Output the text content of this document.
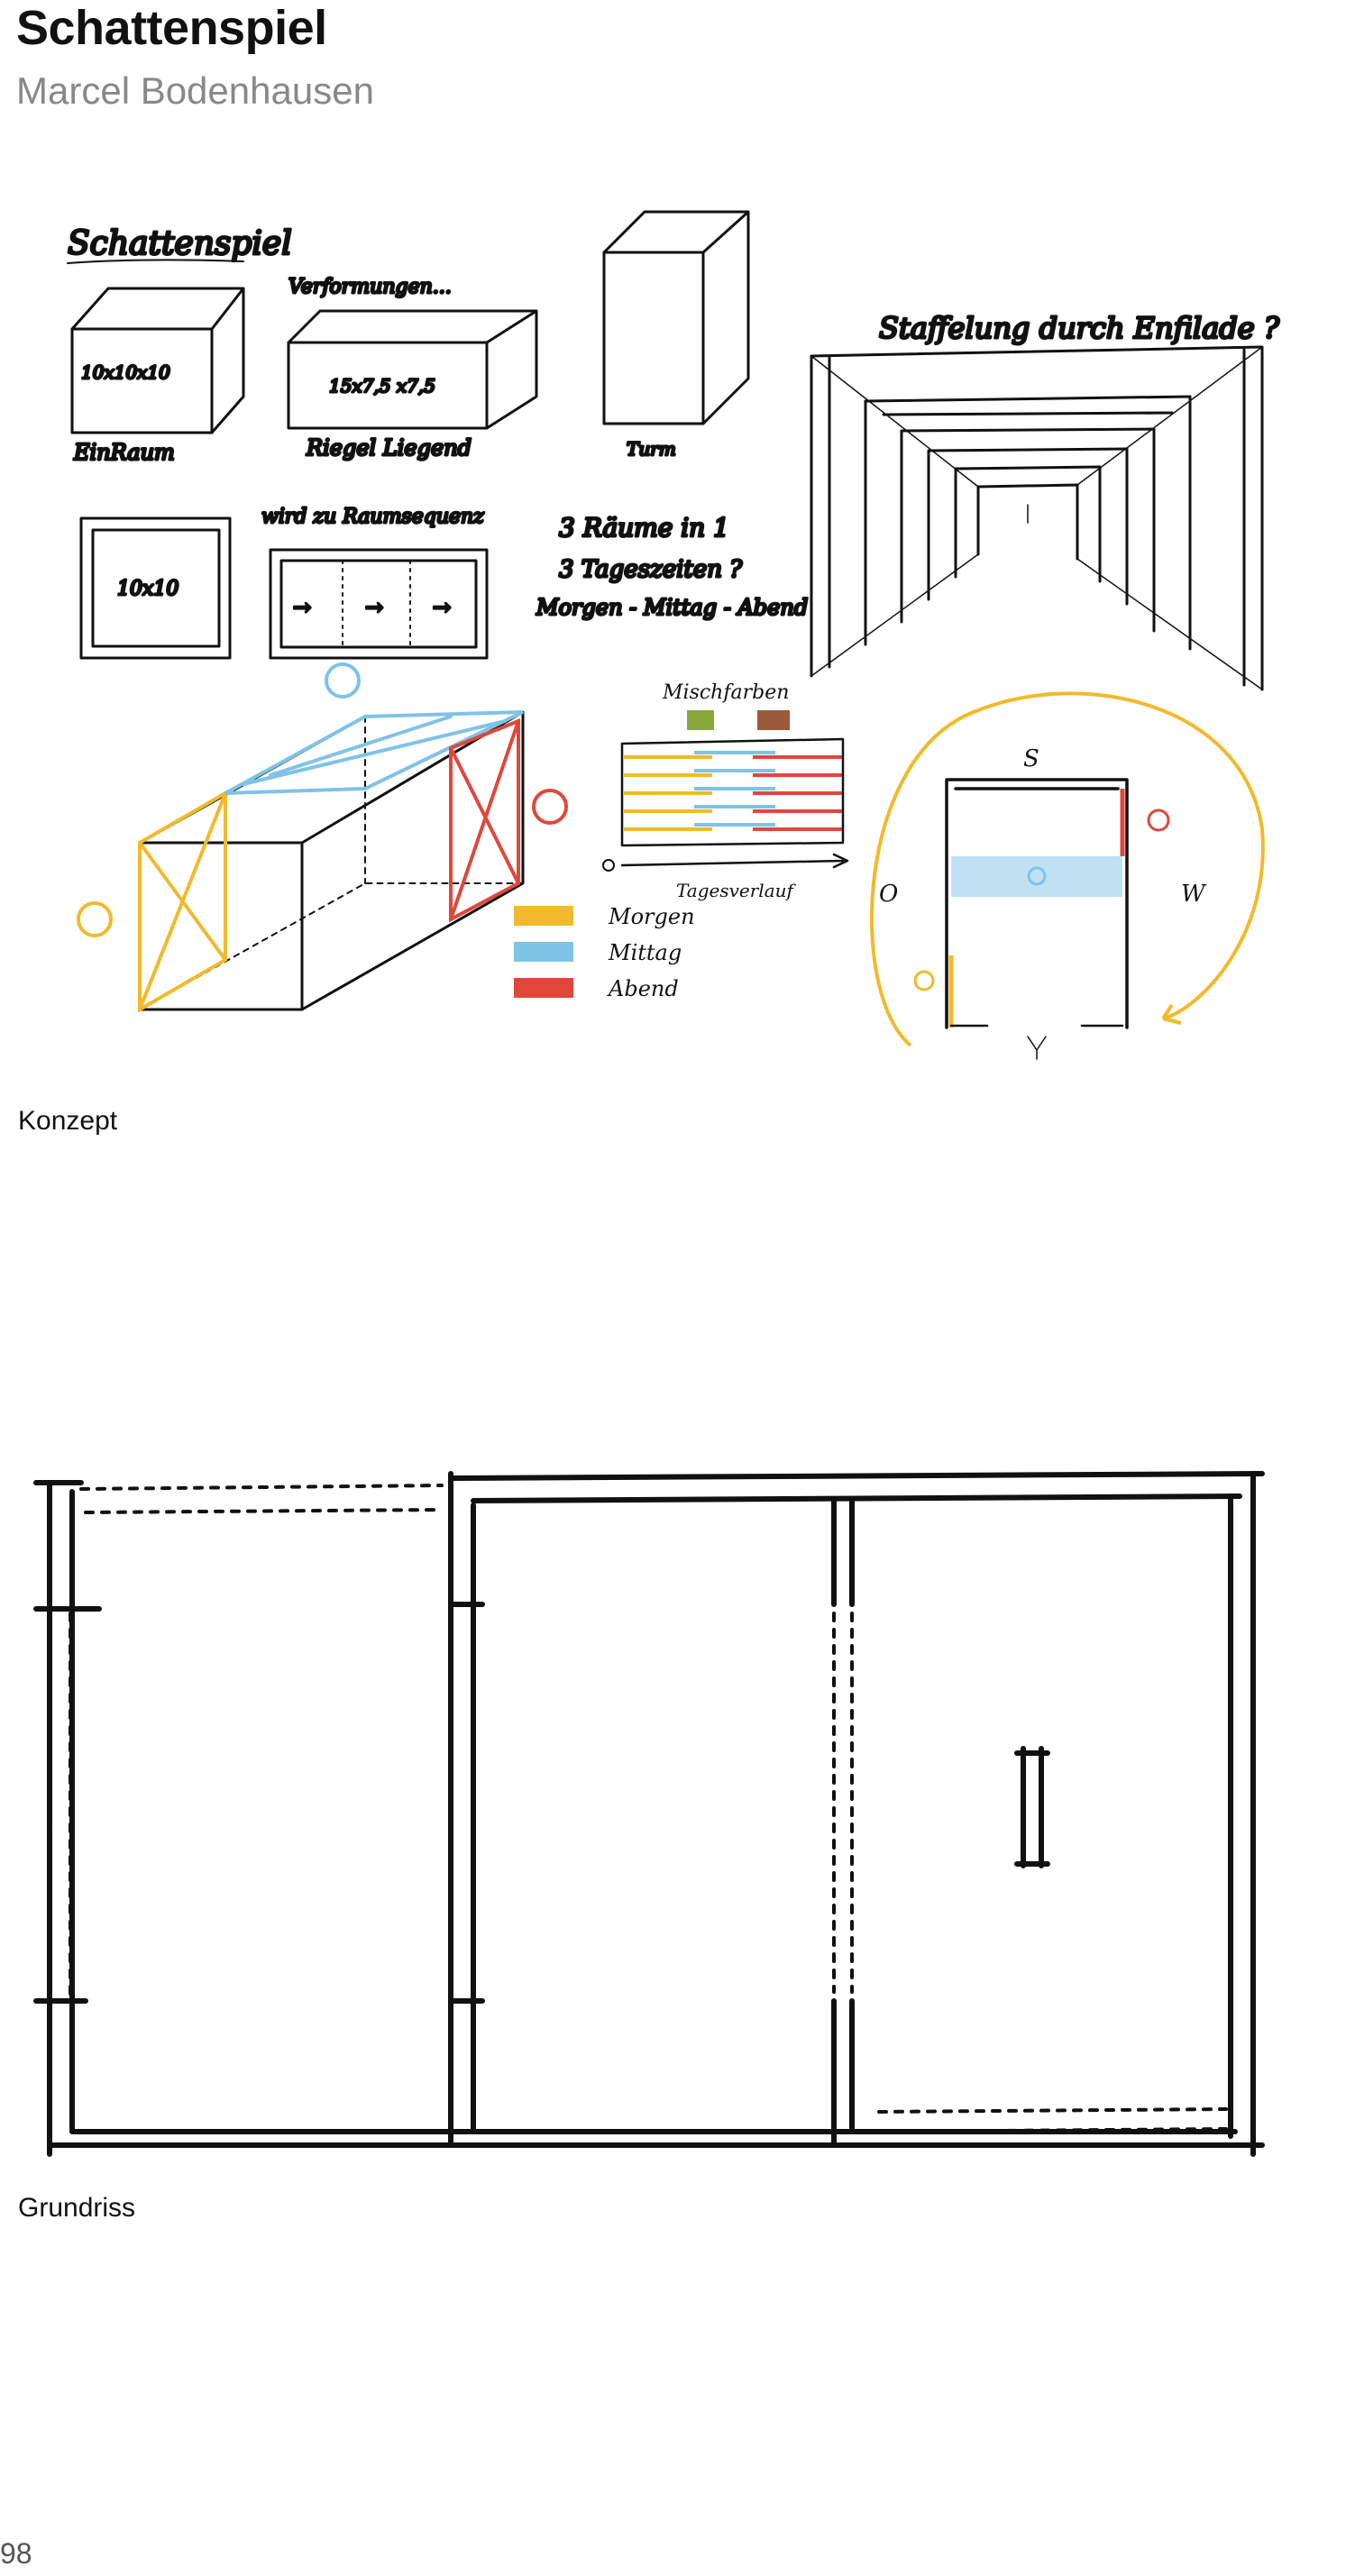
Schattenspiel

Marcel Bodenhausen

Schattenspiel
10x10x10
EinRaum
Verformungen...
15x7,5 x7,5
Riegel Liegend	Turm
10x10
wird zu Raumsequenz
→ → →
3 Räume in 1
3 Tageszeiten ?
Morgen - Mittag - Abend
Staffelung durch Enfilade ?
Mischfarben
Tagesverlauf
Morgen
Mittag
Abend
S
O	W

Konzept

Grundriss

98
